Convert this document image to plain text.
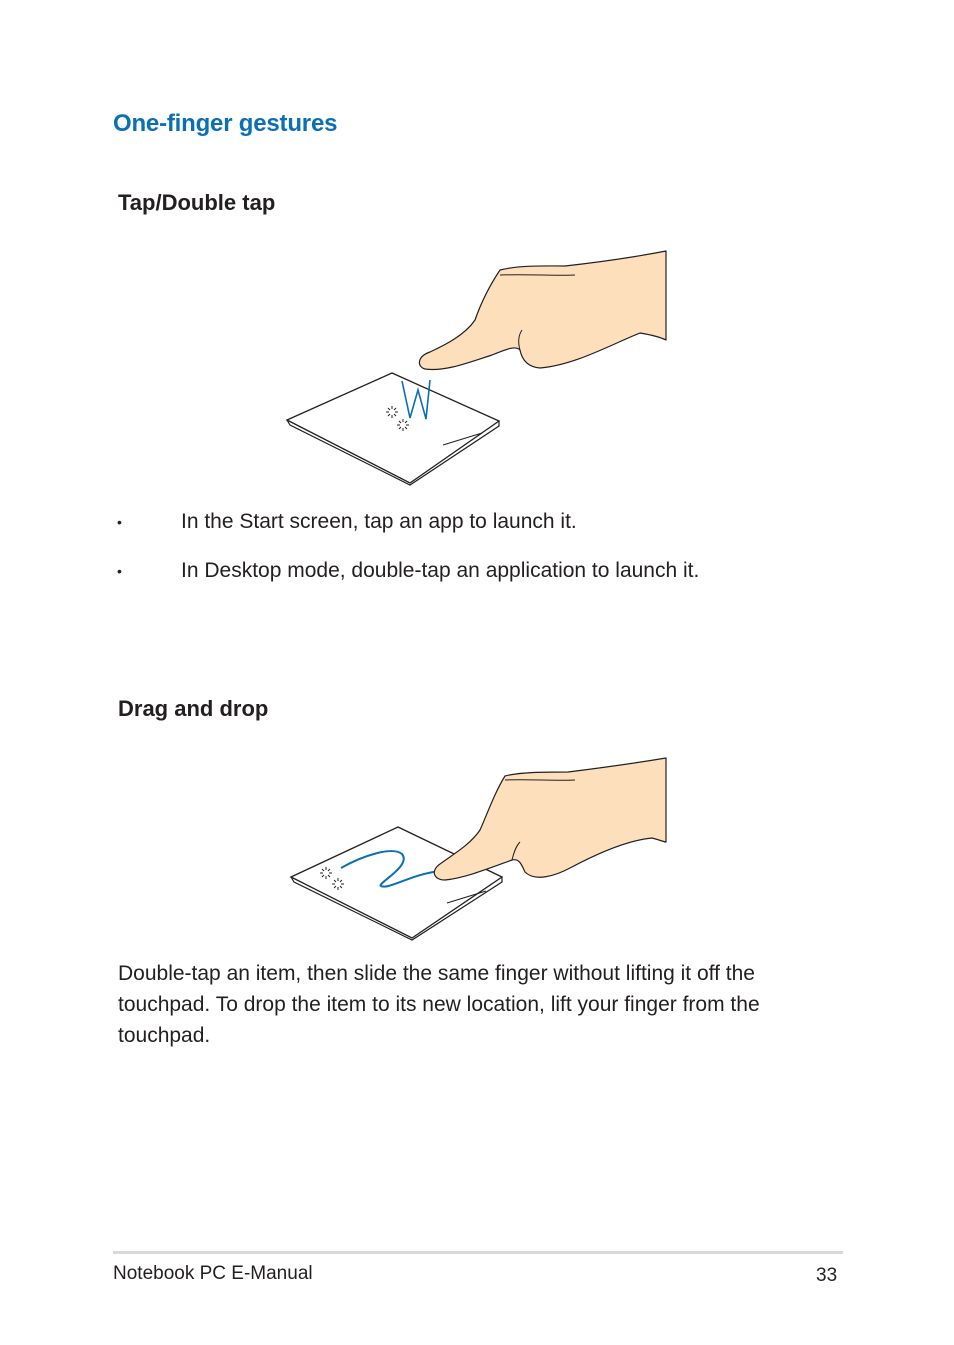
One-finger gestures
Tap/Double tap
•	In the Start screen, tap an app to launch it.
•	In Desktop mode, double-tap an application to launch it.
Drag and drop
Double-tap an item, then slide the same finger without lifting it off the touchpad. To drop the item to its new location, lift your finger from the touchpad.
Notebook PC E-Manual	33
